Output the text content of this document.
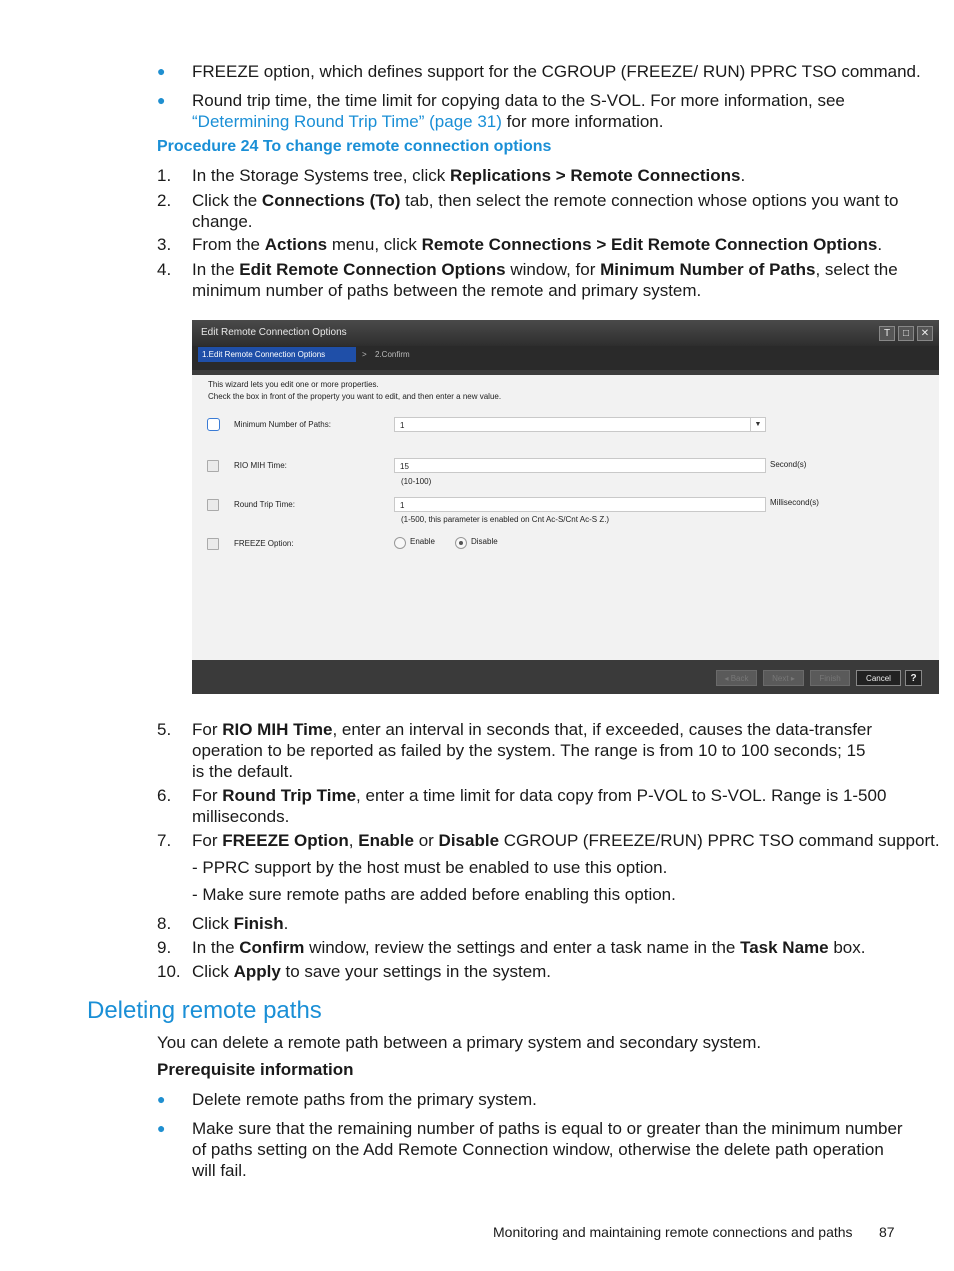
● FREEZE option, which defines support for the CGROUP (FREEZE/ RUN) PPRC TSO command.
● Round trip time, the time limit for copying data to the S-VOL. For more information, see
“Determining Round Trip Time” (page 31) for more information.
Procedure 24 To change remote connection options
1. In the Storage Systems tree, click Replications > Remote Connections.
2. Click the Connections (To) tab, then select the remote connection whose options you want to
change.
3. From the Actions menu, click Remote Connections > Edit Remote Connection Options.
4. In the Edit Remote Connection Options window, for Minimum Number of Paths, select the
minimum number of paths between the remote and primary system.
Edit Remote Connection Options	T	□	✕
1.Edit Remote Connection Options	> 2.Confirm
This wizard lets you edit one or more properties.
Check the box in front of the property you want to edit, and then enter a new value.
Minimum Number of Paths:	1	▼
RIO MIH Time:	15	Second(s)
(10-100)
Round Trip Time:	1	Millisecond(s)
(1-500, this parameter is enabled on Cnt Ac-S/Cnt Ac-S Z.)
FREEZE Option:	Enable	Disable
◂ Back	Next ▸	Finish	Cancel	?
5. For RIO MIH Time, enter an interval in seconds that, if exceeded, causes the data-transfer
operation to be reported as failed by the system. The range is from 10 to 100 seconds; 15
is the default.
6. For Round Trip Time, enter a time limit for data copy from P-VOL to S-VOL. Range is 1-500
milliseconds.
7. For FREEZE Option, Enable or Disable CGROUP (FREEZE/RUN) PPRC TSO command support.
- PPRC support by the host must be enabled to use this option.
- Make sure remote paths are added before enabling this option.
8. Click Finish.
9. In the Confirm window, review the settings and enter a task name in the Task Name box.
10. Click Apply to save your settings in the system.
Deleting remote paths
You can delete a remote path between a primary system and secondary system.
Prerequisite information
● Delete remote paths from the primary system.
● Make sure that the remaining number of paths is equal to or greater than the minimum number
of paths setting on the Add Remote Connection window, otherwise the delete path operation
will fail.
Monitoring and maintaining remote connections and paths 87
